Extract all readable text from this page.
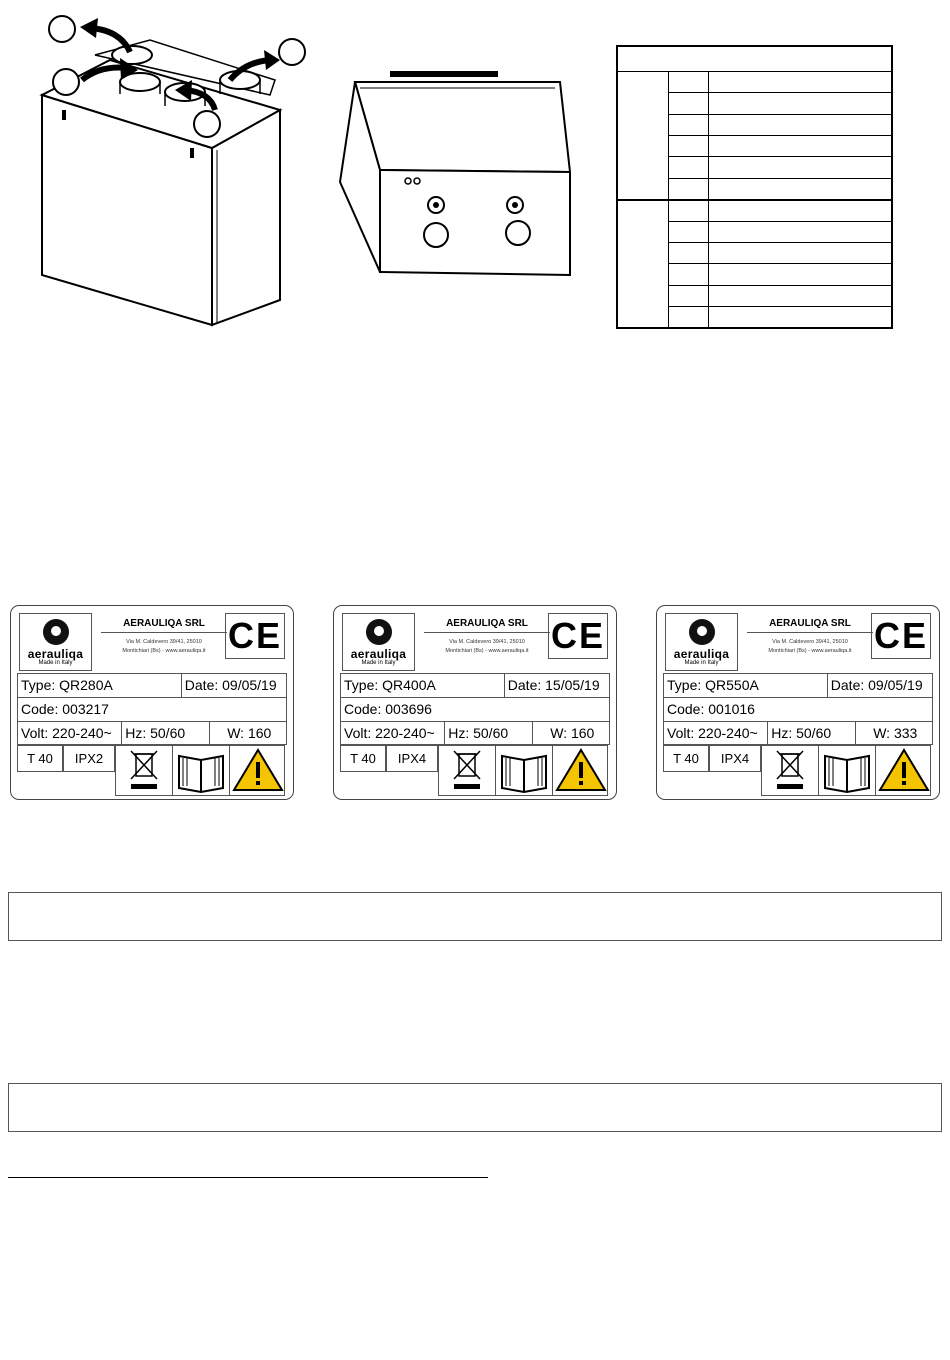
aerauliqa
Made in Italy
AERAULIQA SRL
Via M. Caldevero 39/41, 25010
Montichiari (Bs) - www.aerauliqa.it CE
Type: QR280A	Date: 09/05/19
Code: 003217
Volt: 220-240~ Hz: 50/60	W: 160
T 40	IPX2
aerauliqa
Made in Italy
AERAULIQA SRL
Via M. Caldevero 39/41, 25010
Montichiari (Bs) - www.aerauliqa.it CE
Type: QR400A	Date: 15/05/19
Code: 003696
Volt: 220-240~ Hz: 50/60	W: 160
T 40	IPX4
aerauliqa
Made in Italy
AERAULIQA SRL
Via M. Caldevero 39/41, 25010
Montichiari (Bs) - www.aerauliqa.it CE
Type: QR550A	Date: 09/05/19
Code: 001016
Volt: 220-240~ Hz: 50/60	W: 333
T 40	IPX4
